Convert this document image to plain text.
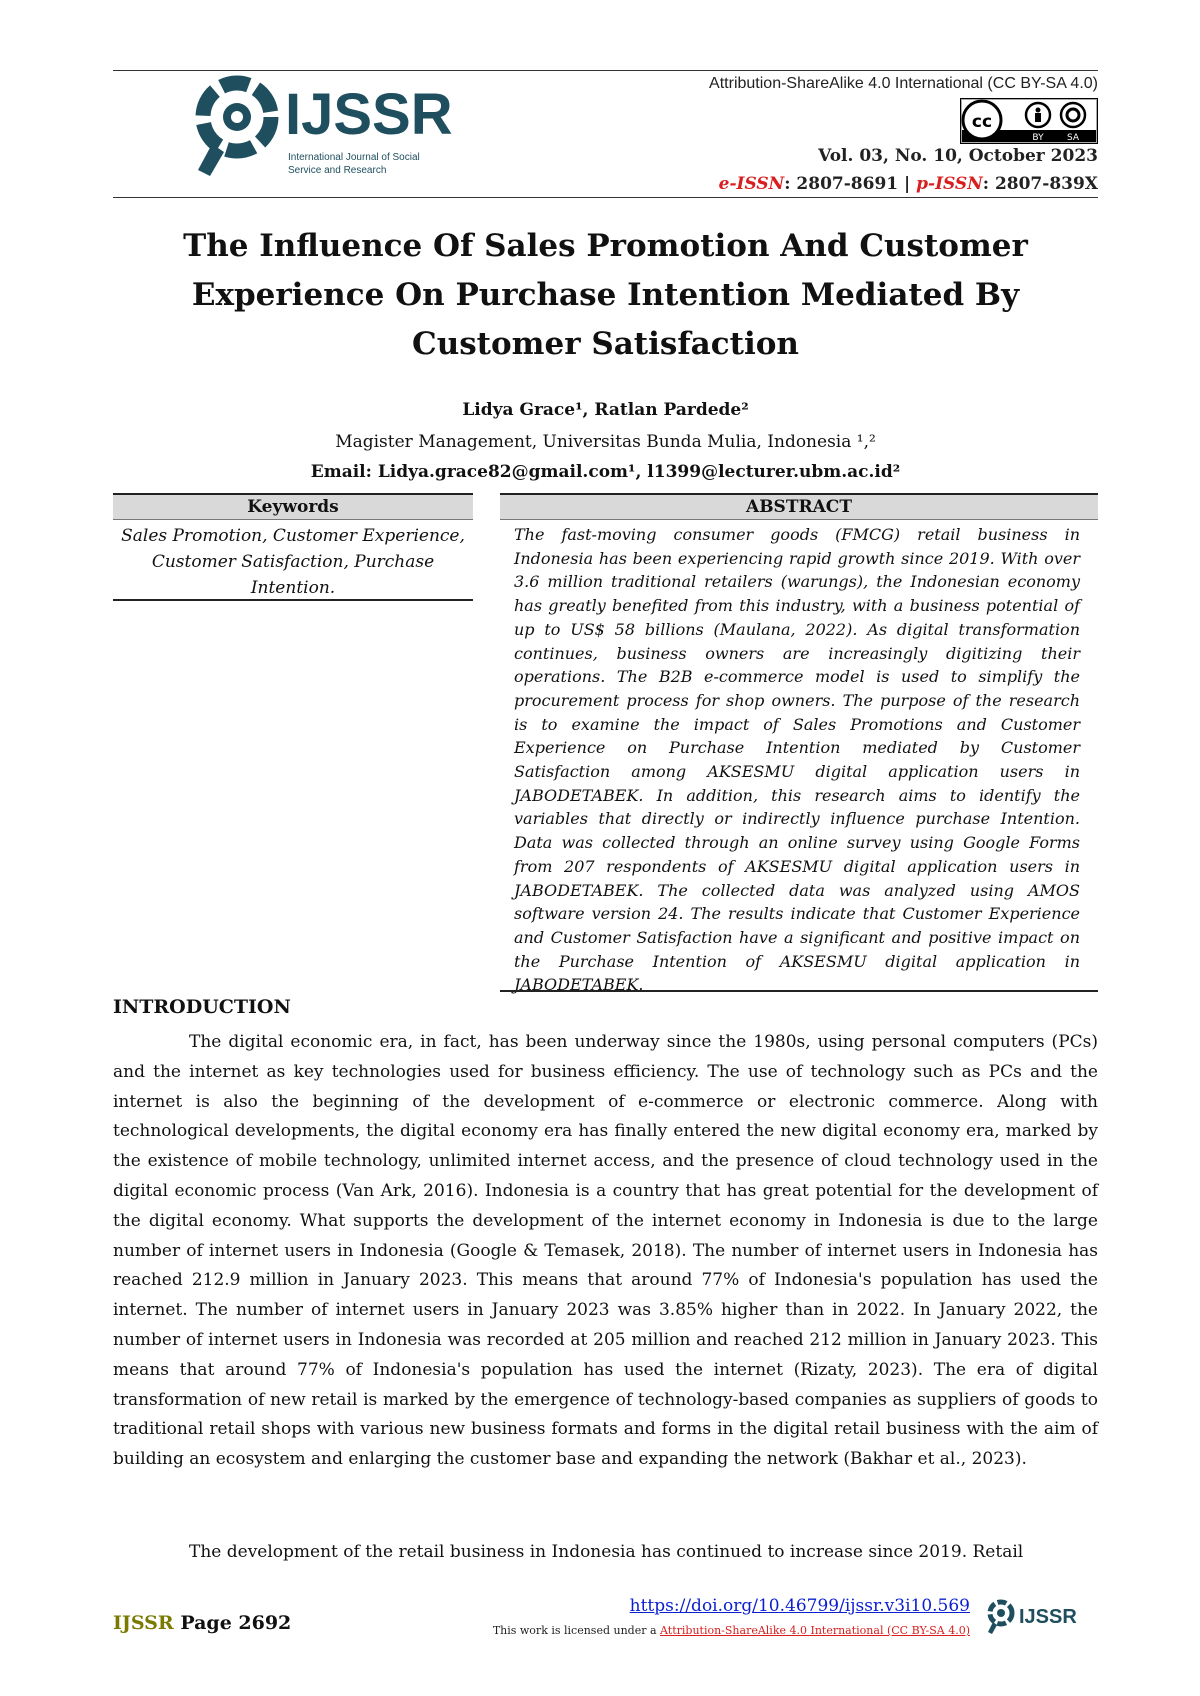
IJSSR
International Journal of Social
Service and Research
Attribution-ShareAlike 4.0 International (CC BY-SA 4.0)
cc
BY	SA
Vol. 03, No. 10, October 2023
e-ISSN: 2807-8691 | p-ISSN: 2807-839X
The Influence Of Sales Promotion And Customer Experience On Purchase Intention Mediated By Customer Satisfaction
Lidya Grace¹, Ratlan Pardede²
Magister Management, Universitas Bunda Mulia, Indonesia ¹,²
Email: Lidya.grace82@gmail.com¹, l1399@lecturer.ubm.ac.id²
Keywords
Sales Promotion, Customer Experience, Customer Satisfaction, Purchase Intention.
ABSTRACT
The fast-moving consumer goods (FMCG) retail business in Indonesia has been experiencing rapid growth since 2019. With over 3.6 million traditional retailers (warungs), the Indonesian economy has greatly benefited from this industry, with a business potential of up to US$ 58 billions (Maulana, 2022). As digital transformation continues, business owners are increasingly digitizing their operations. The B2B e-commerce model is used to simplify the procurement process for shop owners. The purpose of the research is to examine the impact of Sales Promotions and Customer Experience on Purchase Intention mediated by Customer Satisfaction among AKSESMU digital application users in JABODETABEK. In addition, this research aims to identify the variables that directly or indirectly influence purchase Intention. Data was collected through an online survey using Google Forms from 207 respondents of AKSESMU digital application users in JABODETABEK. The collected data was analyzed using AMOS software version 24. The results indicate that Customer Experience and Customer Satisfaction have a significant and positive impact on the Purchase Intention of AKSESMU digital application in JABODETABEK.
INTRODUCTION
The digital economic era, in fact, has been underway since the 1980s, using personal computers (PCs) and the internet as key technologies used for business efficiency. The use of technology such as PCs and the internet is also the beginning of the development of e-commerce or electronic commerce. Along with technological developments, the digital economy era has finally entered the new digital economy era, marked by the existence of mobile technology, unlimited internet access, and the presence of cloud technology used in the digital economic process (Van Ark, 2016). Indonesia is a country that has great potential for the development of the digital economy. What supports the development of the internet economy in Indonesia is due to the large number of internet users in Indonesia (Google & Temasek, 2018). The number of internet users in Indonesia has reached 212.9 million in January 2023. This means that around 77% of Indonesia's population has used the internet. The number of internet users in January 2023 was 3.85% higher than in 2022. In January 2022, the number of internet users in Indonesia was recorded at 205 million and reached 212 million in January 2023. This means that around 77% of Indonesia's population has used the internet (Rizaty, 2023). The era of digital transformation of new retail is marked by the emergence of technology-based companies as suppliers of goods to traditional retail shops with various new business formats and forms in the digital retail business with the aim of building an ecosystem and enlarging the customer base and expanding the network (Bakhar et al., 2023).
The development of the retail business in Indonesia has continued to increase since 2019. Retail
IJSSR Page 2692
https://doi.org/10.46799/ijssr.v3i10.569
This work is licensed under a Attribution-ShareAlike 4.0 International (CC BY-SA 4.0)
IJSSR
